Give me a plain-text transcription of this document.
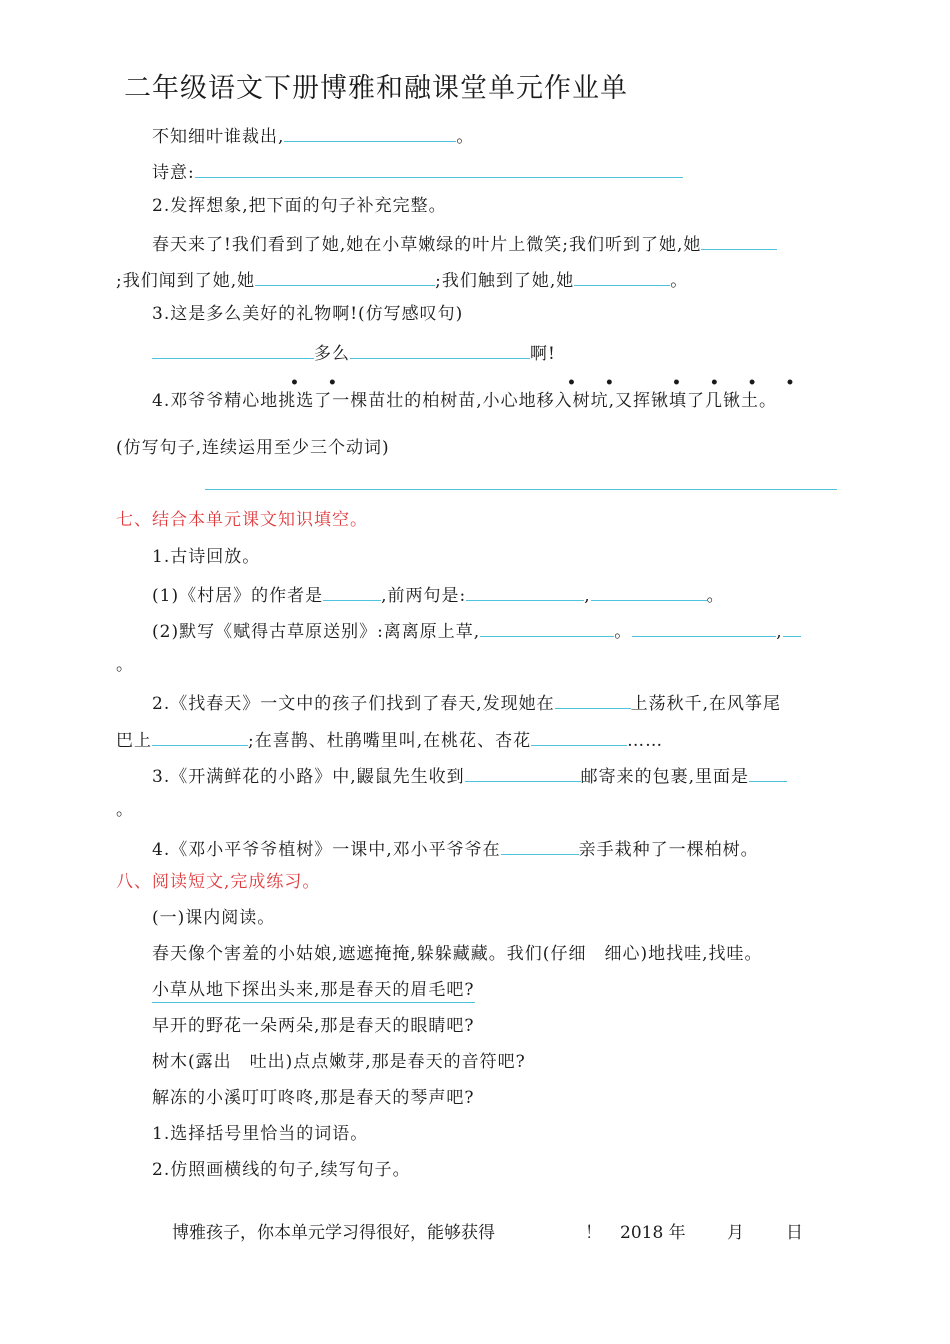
二年级语文下册博雅和融课堂单元作业单
不知细叶谁裁出,	。
诗意:
2.发挥想象,把下面的句子补充完整。
春天来了!我们看到了她,她在小草嫩绿的叶片上微笑;我们听到了她,她
;我们闻到了她,她	;我们触到了她,她	。
3.这是多么美好的礼物啊!(仿写感叹句)
多么	啊!
• •	• •	• • • •
4.邓爷爷精心地挑选了一棵苗壮的柏树苗,小心地移入树坑,又挥锹填了几锹土。
(仿写句子,连续运用至少三个动词)
七、结合本单元课文知识填空。
1.古诗回放。
(1)《村居》的作者是	,前两句是:	,	。
(2)默写《赋得古草原送别》:离离原上草,	。	,
。
2.《找春天》一文中的孩子们找到了春天,发现她在	上荡秋千,在风筝尾
巴上	;在喜鹊、杜鹃嘴里叫,在桃花、杏花	……
3.《开满鲜花的小路》中,鼹鼠先生收到	邮寄来的包裹,里面是
。
4.《邓小平爷爷植树》一课中,邓小平爷爷在	亲手栽种了一棵柏树。
八、阅读短文,完成练习。
(一)课内阅读。
春天像个害羞的小姑娘,遮遮掩掩,躲躲藏藏。我们(仔细　细心)地找哇,找哇。
小草从地下探出头来,那是春天的眉毛吧?
早开的野花一朵两朵,那是春天的眼睛吧?
树木(露出　吐出)点点嫩芽,那是春天的音符吧?
解冻的小溪叮叮咚咚,那是春天的琴声吧?
1.选择括号里恰当的词语。
2.仿照画横线的句子,续写句子。
博雅孩子，你本单元学习得很好，能够获得	！ 2018 年 月 日
